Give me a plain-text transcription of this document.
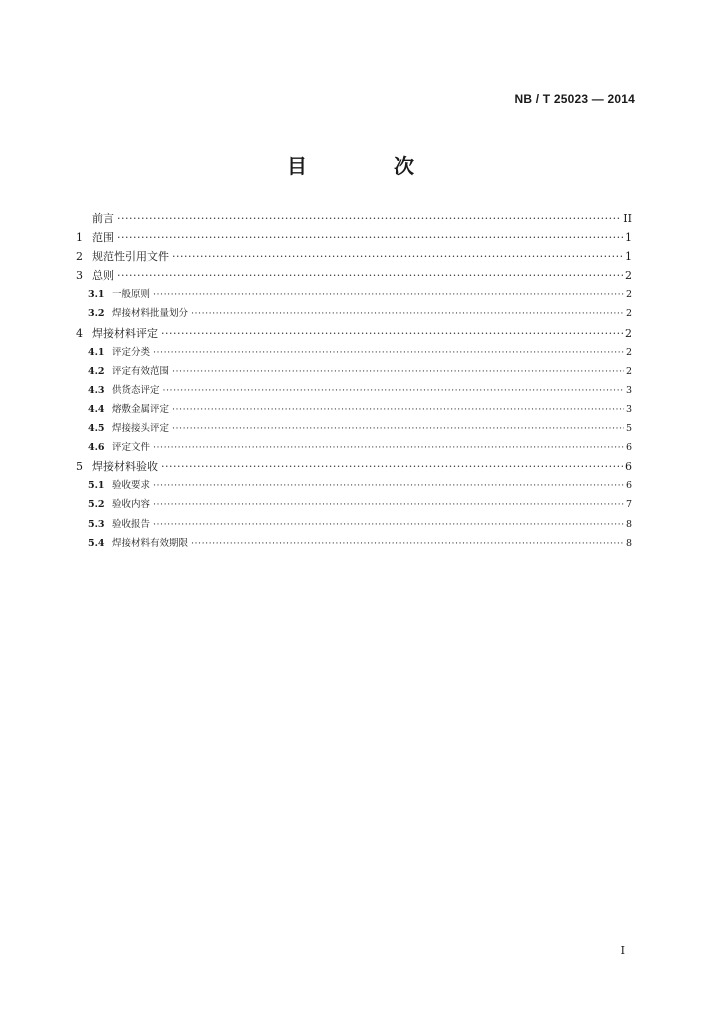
NB / T 25023 — 2014
目 次
前言 ·····	II
1 范围 ·····	1
2 规范性引用文件 ·····	1
3 总则 ·····	2
3.1 一般原则 ·····	2
3.2 焊接材料批量划分 ·····	2
4 焊接材料评定 ·····	2
4.1 评定分类 ·····	2
4.2 评定有效范围 ·····	2
4.3 供货态评定 ·····	3
4.4 熔敷金属评定 ·····	3
4.5 焊接接头评定 ·····	5
4.6 评定文件 ·····	6
5 焊接材料验收 ·····	6
5.1 验收要求 ·····	6
5.2 验收内容 ·····	7
5.3 验收报告 ·····	8
5.4 焊接材料有效期限 ·····	8
I
